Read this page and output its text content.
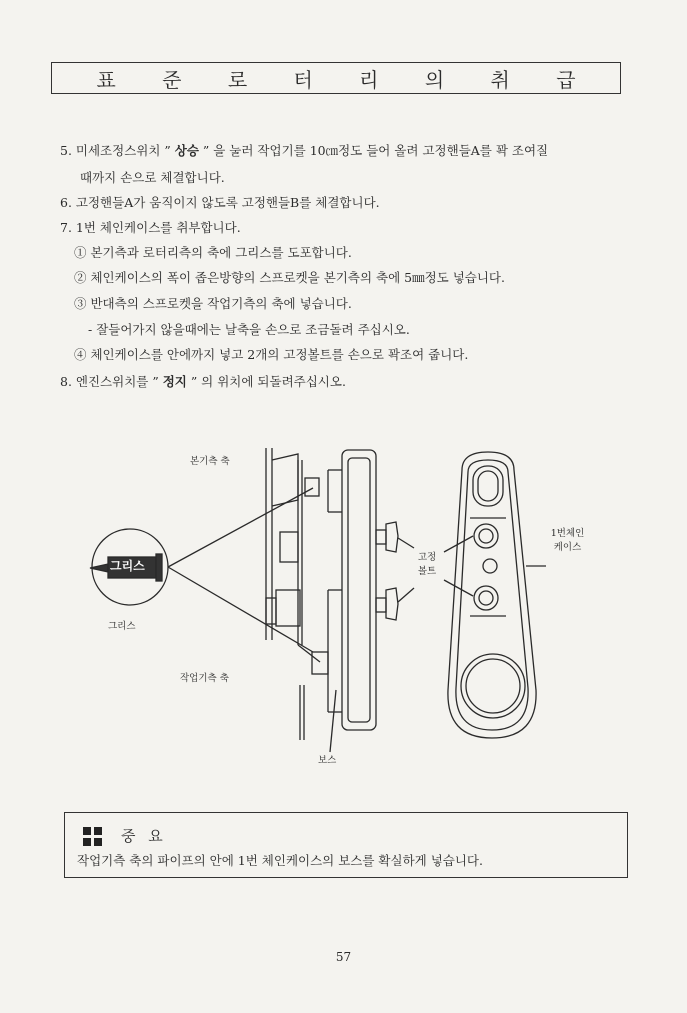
표 준 로 터 리 의 취 급
5. 미세조정스위치 ” 상승 ” 을 눌러 작업기를 10㎝정도 들어 올려 고정핸들A를 꽉 조여질
때까지 손으로 체결합니다.
6. 고정핸들A가 움직이지 않도록 고정핸들B를 체결합니다.
7. 1번 체인케이스를 취부합니다.
① 본기측과 로터리측의 축에 그리스를 도포합니다.
② 체인케이스의 폭이 좁은방향의 스프로켓을 본기측의 축에 5㎜정도 넣습니다.
③ 반대측의 스프로켓을 작업기측의 축에 넣습니다.
- 잘들어가지 않을때에는 날축을 손으로 조금돌려 주십시오.
④ 체인케이스를 안에까지 넣고 2개의 고정볼트를 손으로 꽉조여 줍니다.
8. 엔진스위치를 ” 정지 ” 의 위치에 되돌려주십시오.
본기측 축
그리스
그리스
작업기측 축
고정
볼트
1번체인
케이스
보스
중 요
작업기측 축의 파이프의 안에 1번 체인케이스의 보스를 확실하게 넣습니다.
57
